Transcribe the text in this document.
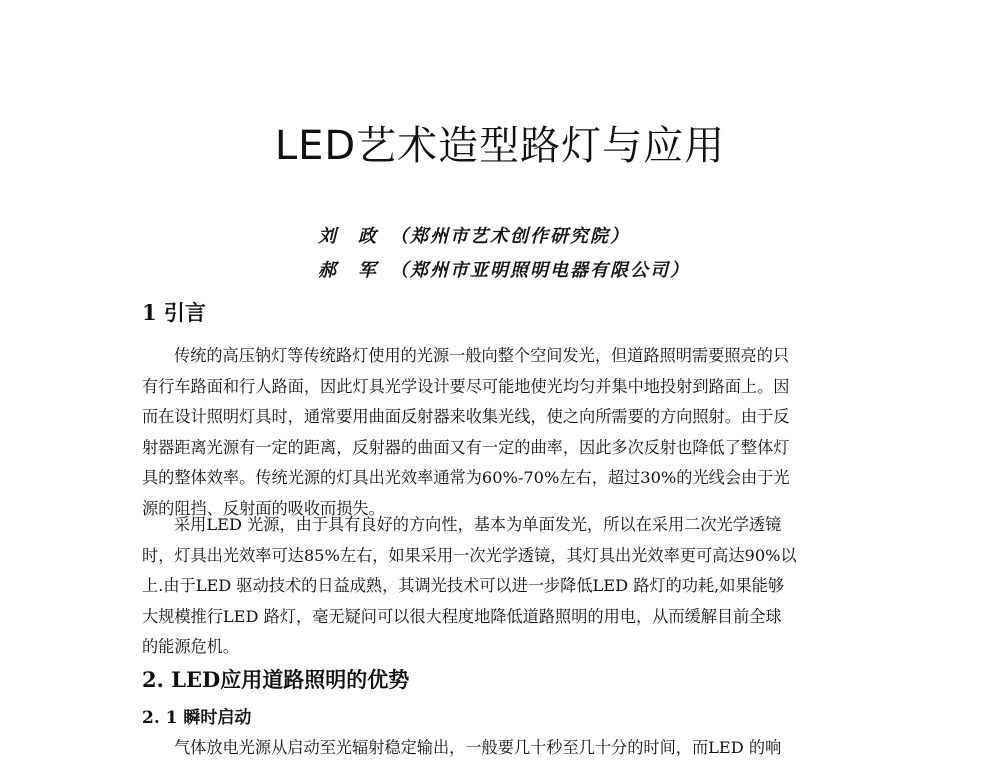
LED艺术造型路灯与应用
刘　政 （郑州市艺术创作研究院）
郝　军 （郑州市亚明照明电器有限公司）
1 引言
传统的高压钠灯等传统路灯使用的光源一般向整个空间发光，但道路照明需要照亮的只
有行车路面和行人路面，因此灯具光学设计要尽可能地使光均匀并集中地投射到路面上。因
而在设计照明灯具时，通常要用曲面反射器来收集光线，使之向所需要的方向照射。由于反
射器距离光源有一定的距离，反射器的曲面又有一定的曲率，因此多次反射也降低了整体灯
具的整体效率。传统光源的灯具出光效率通常为60%-70%左右，超过30%的光线会由于光
源的阻挡、反射面的吸收而损失。
采用LED 光源，由于具有良好的方向性，基本为单面发光，所以在采用二次光学透镜
时，灯具出光效率可达85%左右，如果采用一次光学透镜，其灯具出光效率更可高达90%以
上.由于LED 驱动技术的日益成熟，其调光技术可以进一步降低LED 路灯的功耗,如果能够
大规模推行LED 路灯，毫无疑问可以很大程度地降低道路照明的用电，从而缓解目前全球
的能源危机。
2. LED应用道路照明的优势
2. 1 瞬时启动
气体放电光源从启动至光辐射稳定输出，一般要几十秒至几十分的时间，而LED 的响
